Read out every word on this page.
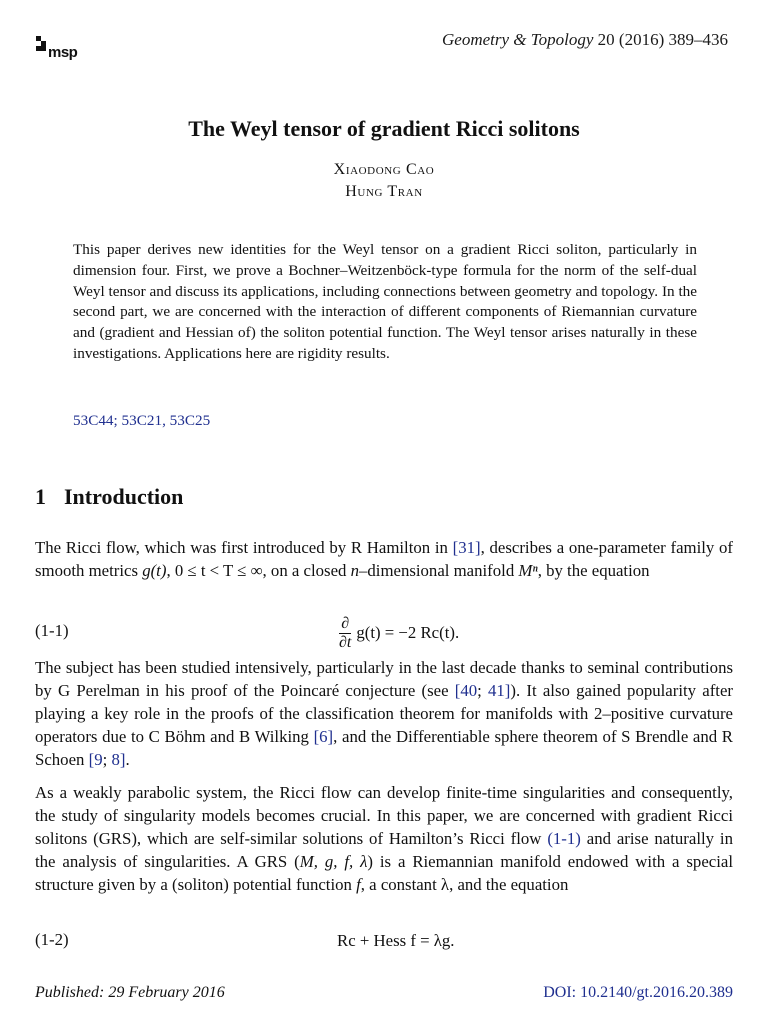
msp
Geometry & Topology 20 (2016) 389–436
The Weyl tensor of gradient Ricci solitons
Xiaodong Cao
Hung Tran
This paper derives new identities for the Weyl tensor on a gradient Ricci soliton, particularly in dimension four. First, we prove a Bochner–Weitzenböck-type formula for the norm of the self-dual Weyl tensor and discuss its applications, including connections between geometry and topology. In the second part, we are concerned with the interaction of different components of Riemannian curvature and (gradient and Hessian of) the soliton potential function. The Weyl tensor arises naturally in these investigations. Applications here are rigidity results.
53C44; 53C21, 53C25
1 Introduction
The Ricci flow, which was first introduced by R Hamilton in [31], describes a one-parameter family of smooth metrics g(t), 0 ≤ t < T ≤ ∞, on a closed n–dimensional manifold Mⁿ, by the equation
(1-1)	$\frac{\partial}{\partial t} g(t) = -2$ Rc(t).
The subject has been studied intensively, particularly in the last decade thanks to seminal contributions by G Perelman in his proof of the Poincaré conjecture (see [40; 41]). It also gained popularity after playing a key role in the proofs of the classification theorem for manifolds with 2–positive curvature operators due to C Böhm and B Wilking [6], and the Differentiable sphere theorem of S Brendle and R Schoen [9; 8].
As a weakly parabolic system, the Ricci flow can develop finite-time singularities and consequently, the study of singularity models becomes crucial. In this paper, we are concerned with gradient Ricci solitons (GRS), which are self-similar solutions of Hamilton’s Ricci flow (1-1) and arise naturally in the analysis of singularities. A GRS (M, g, f, λ) is a Riemannian manifold endowed with a special structure given by a (soliton) potential function f, a constant λ, and the equation
(1-2)	Rc + Hess f = λg.
Published: 29 February 2016	DOI: 10.2140/gt.2016.20.389
